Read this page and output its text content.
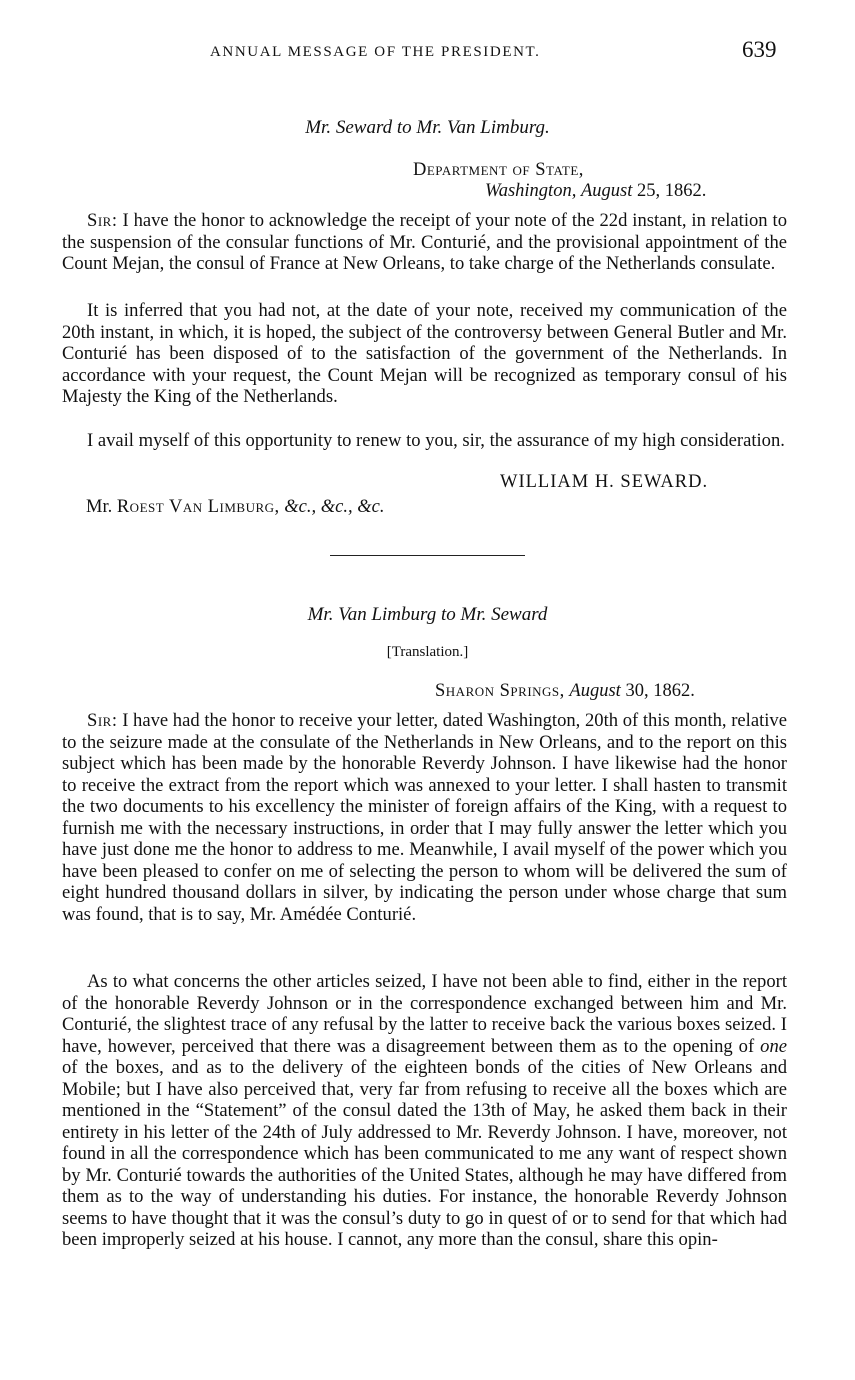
ANNUAL MESSAGE OF THE PRESIDENT.	639
Mr. Seward to Mr. Van Limburg.
Department of State,
Washington, August 25, 1862.

Sir: I have the honor to acknowledge the receipt of your note of the 22d instant, in relation to the suspension of the consular functions of Mr. Conturié, and the provisional appointment of the Count Mejan, the consul of France at New Orleans, to take charge of the Netherlands consulate.

It is inferred that you had not, at the date of your note, received my communication of the 20th instant, in which, it is hoped, the subject of the controversy between General Butler and Mr. Conturié has been disposed of to the satisfaction of the government of the Netherlands. In accordance with your request, the Count Mejan will be recognized as temporary consul of his Majesty the King of the Netherlands.

I avail myself of this opportunity to renew to you, sir, the assurance of my high consideration.

WILLIAM H. SEWARD.
Mr. Roest Van Limburg, &c., &c., &c.
Mr. Van Limburg to Mr. Seward
[Translation.]
Sharon Springs, August 30, 1862.

Sir: I have had the honor to receive your letter, dated Washington, 20th of this month, relative to the seizure made at the consulate of the Netherlands in New Orleans, and to the report on this subject which has been made by the honorable Reverdy Johnson. I have likewise had the honor to receive the extract from the report which was annexed to your letter. I shall hasten to transmit the two documents to his excellency the minister of foreign affairs of the King, with a request to furnish me with the necessary instructions, in order that I may fully answer the letter which you have just done me the honor to address to me. Meanwhile, I avail myself of the power which you have been pleased to confer on me of selecting the person to whom will be delivered the sum of eight hundred thousand dollars in silver, by indicating the person under whose charge that sum was found, that is to say, Mr. Amédée Conturié.

As to what concerns the other articles seized, I have not been able to find, either in the report of the honorable Reverdy Johnson or in the correspondence exchanged between him and Mr. Conturié, the slightest trace of any refusal by the latter to receive back the various boxes seized. I have, however, perceived that there was a disagreement between them as to the opening of one of the boxes, and as to the delivery of the eighteen bonds of the cities of New Orleans and Mobile; but I have also perceived that, very far from refusing to receive all the boxes which are mentioned in the “Statement” of the consul dated the 13th of May, he asked them back in their entirety in his letter of the 24th of July addressed to Mr. Reverdy Johnson. I have, moreover, not found in all the correspondence which has been communicated to me any want of respect shown by Mr. Conturié towards the authorities of the United States, although he may have differed from them as to the way of understanding his duties. For instance, the honorable Reverdy Johnson seems to have thought that it was the consul’s duty to go in quest of or to send for that which had been improperly seized at his house. I cannot, any more than the consul, share this opin-
